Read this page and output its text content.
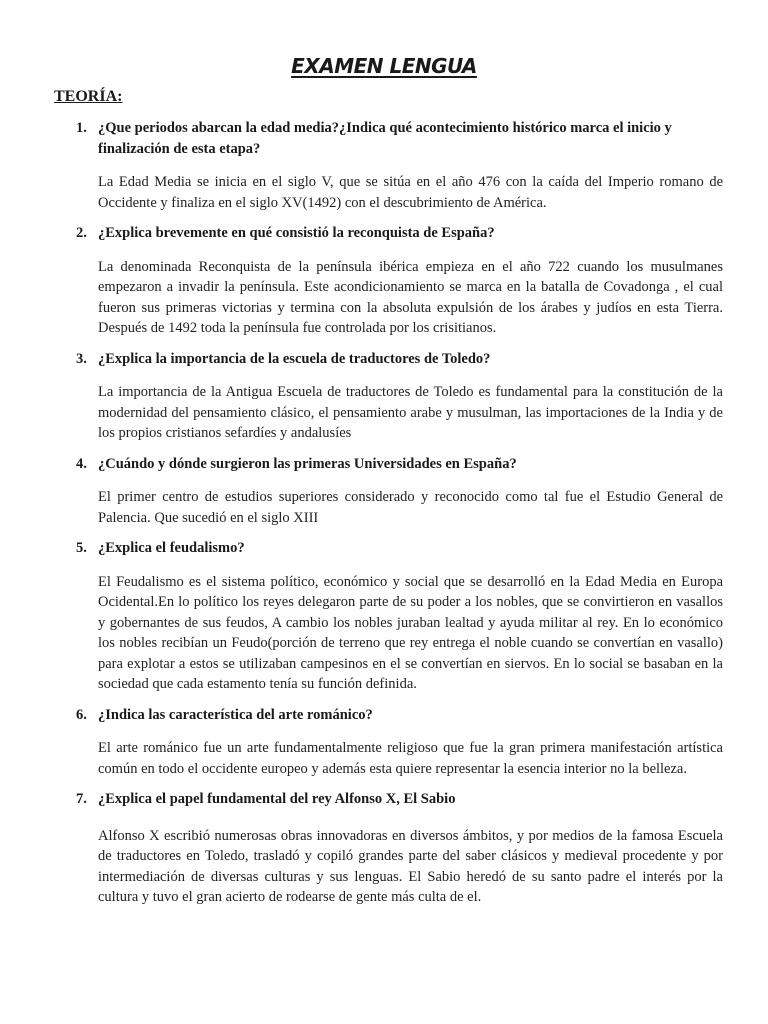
EXAMEN LENGUA
TEORÍA:
1. ¿Que periodos abarcan la edad media?¿Indica qué acontecimiento histórico marca el inicio y finalización de esta etapa?
La Edad Media se inicia en el siglo V, que se sitúa en el año 476 con la caída del Imperio romano de Occidente y finaliza en el siglo XV(1492) con el descubrimiento de América.
2. ¿Explica brevemente en qué consistió la reconquista de España?
La denominada Reconquista de la península ibérica empieza en el año 722 cuando los musulmanes empezaron a invadir la península. Este acondicionamiento se marca en la batalla de Covadonga , el cual fueron sus primeras victorias y termina con la absoluta expulsión de los árabes y judíos en esta Tierra. Después de 1492 toda la península fue controlada por los crisitianos.
3. ¿Explica la importancia de la escuela de traductores de Toledo?
La importancia de la Antigua Escuela de traductores de Toledo es fundamental para la constitución de la modernidad del pensamiento clásico, el pensamiento arabe y musulman, las importaciones de la India y de los propios cristianos sefardíes y andalusíes
4. ¿Cuándo y dónde surgieron las primeras Universidades en España?
El primer centro de estudios superiores considerado y reconocido como tal fue el Estudio General de Palencia. Que sucedió en el siglo XIII
5. ¿Explica el feudalismo?
El Feudalismo es el sistema político, económico y social que se desarrolló en la Edad Media en Europa Ocidental.En lo político los reyes delegaron parte de su poder a los nobles, que se convirtieron en vasallos y gobernantes de sus feudos, A cambio los nobles juraban lealtad y ayuda militar al rey. En lo económico los nobles recibían un Feudo(porción de terreno que rey entrega el noble cuando se convertían en vasallo) para explotar a estos se utilizaban campesinos en el se convertían en siervos. En lo social se basaban en la sociedad que cada estamento tenía su función definida.
6. ¿Indica las característica del arte románico?
El arte románico fue un arte fundamentalmente religioso que fue la gran primera manifestación artística común en todo el occidente europeo y además esta quiere representar la esencia interior no la belleza.
7. ¿Explica el papel fundamental del rey Alfonso X, El Sabio
Alfonso X escribió numerosas obras innovadoras en diversos ámbitos, y por medios de la famosa Escuela de traductores en Toledo, trasladó y copiló grandes parte del saber clásicos y medieval procedente y por intermediación de diversas culturas y sus lenguas. El Sabio heredó de su santo padre el interés por la cultura y tuvo el gran acierto de rodearse de gente más culta de el.
